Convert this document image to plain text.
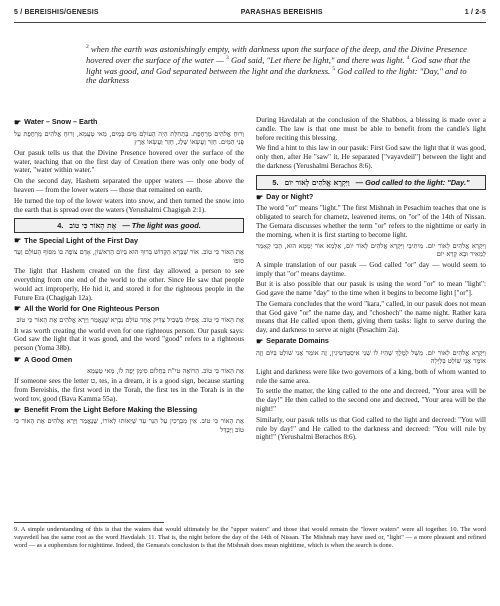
5 / BEREISHIS/GENESIS	PARASHAS BEREISHIS	1 / 2-5
$^2$ when the earth was astonishingly empty, with darkness upon the surface of the deep, and the Divine Presence hovered over the surface of the water — $^3$ God said, "Let there be light," and there was light. $^4$ God saw that the light was good, and God separated between the light and the darkness. $^5$ God called to the light: "Day," and to the darkness
☛ Water – Snow – Earth
וְרוּחַ אֱלֹהִים מְרַחֶפֶת. בְּתְחִלַּת הָיָה הָעוֹלָם מַיִם בְּמַיִם, מַאי טַעֲמָא, וְרוּחַ אֱלֹהִים מְרַחֶפֶת עַל פְּנֵי הַמָּיִם. חָזַר וַעֲשָׂאוֹ שֶׁלֶג, חָזַר וַעֲשָׂאוֹ אֶרֶץ

Our pasuk tells us that the Divine Presence hovered over the surface of the water, teaching that on the first day of Creation there was only one body of water, "water within water."

On the second day, Hashem separated the upper waters — those above the heaven — from the lower waters — those that remained on earth.

He turned the top of the lower waters into snow, and then turned the snow into the earth that is spread over the waters (Yerushalmi Chagigah 2:1).

4. אֶת הָאוֹר כִּי טוֹב — The light was good.
☛ The Special Light of the First Day
אֶת הָאוֹר כִּי טוֹב. אוֹר שֶׁבָּרָא הַקָּדוֹשׁ בָּרוּךְ הוּא בְּיוֹם הָרִאשׁוֹן, אָדָם צוֹפֶה בּוֹ מִסּוֹף הָעוֹלָם וְעַד סוֹפוֹ

The light that Hashem created on the first day allowed a person to see everything from one end of the world to the other. Since He saw that people would act improperly, He hid it, and stored it for the righteous people in the Future Era (Chagigah 12a).

☛ All the World for One Righteous Person
אֶת הָאוֹר כִּי טוֹב. אֲפִילוּ בִּשְׁבִיל צַדִּיק אֶחָד עוֹלָם נִבְרָא שֶׁנֶּאֱמַר וַיַּרְא אֱלֹהִים אֶת הָאוֹר כִּי טוֹב

It was worth creating the world even for one righteous person. Our pasuk says: God saw the light that it was good, and the word "good" refers to a righteous person (Yoma 38b).

☛ A Good Omen
אֶת הָאוֹר כִּי טוֹב. הָרוֹאֶה טי"ת בַּחֲלוֹם סִימָן יָפֶה לוֹ, מַאי טַעְמָא

If someone sees the letter ט, tes, in a dream, it is a good sign, because starting from Bereishis, the first word in the Torah, the first tes in the Torah is in the word tov, good (Bava Kamma 55a).

☛ Benefit From the Light Before Making the Blessing
אֶת הָאוֹר כִּי טוֹב. אֵין מְבָרְכִין עַל הַנֵּר עַד שֶׁיֵּאוֹתוּ לְאוֹרוֹ, שֶׁנֶּאֱמַר וַיַּרְא אֱלֹהִים אֶת הָאוֹר כִּי טוֹב וַיַּבְדֵּל

During Havdalah at the conclusion of the Shabbos, a blessing is made over a candle. The law is that one must be able to benefit from the candle's light before reciting this blessing.

We find a hint to this law in our pasuk: First God saw the light that it was good, only then, after He "saw" it, He separated ["vayavdeil"] between the light and the darkness (Yerushalmi Berachos 8:6).

5. וַיִּקְרָא אֱלֹהִים לָאוֹר יוֹם — God called to the light: "Day."
☛ Day or Night?

The word "or" means "light." The first Mishnah in Pesachim teaches that one is obligated to search for chametz, leavened items, on "or" of the 14th of Nissan. The Gemara discusses whether the term "or" refers to the nighttime or early in the morning, when it is first starting to become light.

וַיִּקְרָא אֱלֹהִים לָאוֹר יוֹם. מִיתִיבֵי וַיִּקְרָא אֱלֹהִים לָאוֹר יוֹם, אַלְמָא אוֹר יְמָמָא הוּא, הָכִי קָאָמַר לַמְאִיר וּבָא קָרָא יוֹם

A simple translation of our pasuk — God called "or" day — would seem to imply that "or" means daytime.

But it is also possible that our pasuk is using the word "or" to mean "light": God gave the name "day" to the time when it begins to become light ["or"].

The Gemara concludes that the word "kara," called, in our pasuk does not mean that God gave "or" the name day, and "choshech" the name night. Rather kara means that He called upon them, giving them tasks: light to serve during the day, and darkness to serve at night (Pesachim 2a).

☛ Separate Domains
וַיִּקְרָא אֱלֹהִים לָאוֹר יוֹם. מָשָׁל לְמֶלֶךְ שֶׁהָיוּ לוֹ שְׁנֵי אִיסְטְרַטִּיגִין, זֶה אוֹמֵר אֲנִי שׁוֹלֵט בַּיּוֹם וְזֶה אוֹמֵר אֲנִי שׁוֹלֵט בַּלַּיְלָה

Light and darkness were like two governors of a king, both of whom wanted to rule the same area.

To settle the matter, the king called to the one and decreed, "Your area will be the day!" He then called to the second one and decreed, "Your area will be the night!"

Similarly, our pasuk tells us that God called to the light and decreed: "You will rule by day!" and He called to the darkness and decreed: "You will rule by night!" (Yerushalmi Berachos 8:6).

9. A simple understanding of this is that the waters that would ultimately be the "upper waters" and those that would remain the "lower waters" were all together. 10. The word vayavdeil has the same root as the word Havdalah. 11. That is, the night before the day of the 14th of Nissan. The Mishnah may have used or, "light" — a more pleasant and refined word — as a euphemism for nighttime. Indeed, the Gemara's conclusion is that the Mishnah does mean nighttime, which is when the search is done.
